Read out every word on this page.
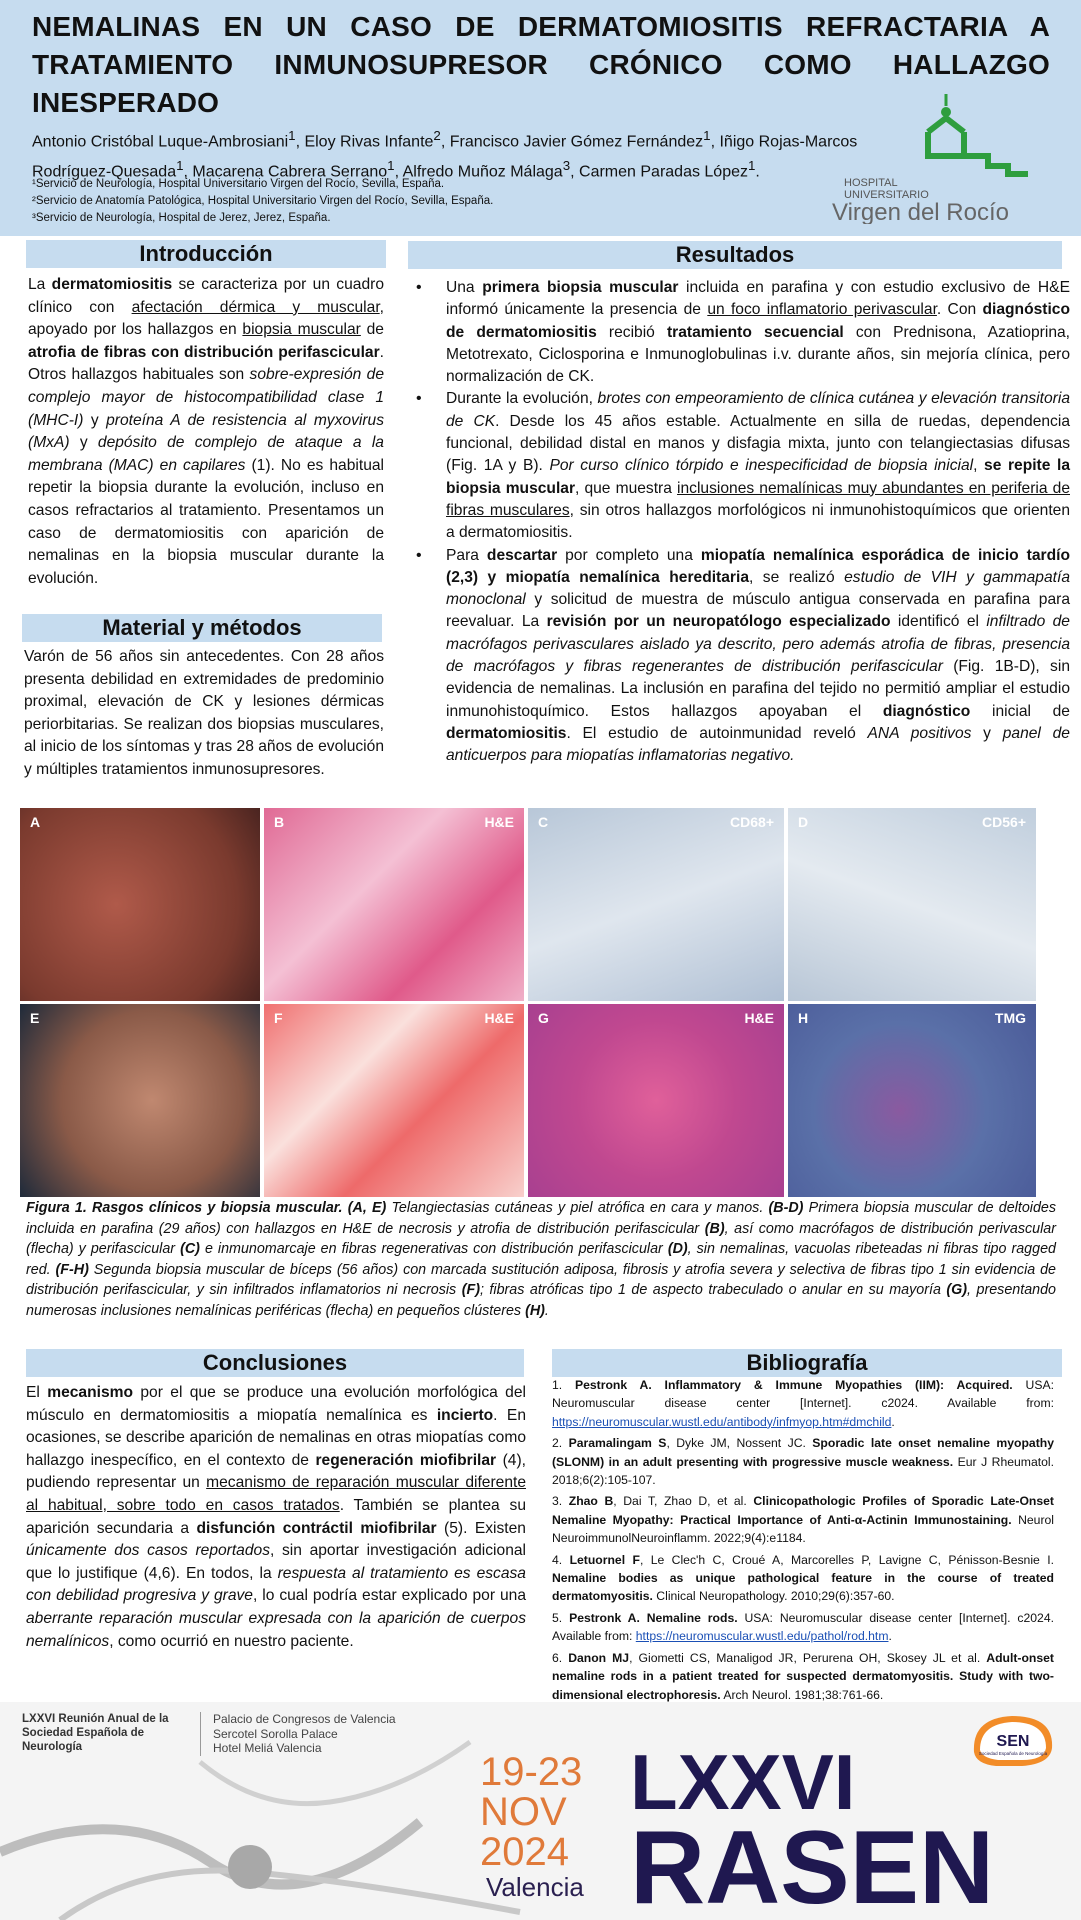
NEMALINAS EN UN CASO DE DERMATOMIOSITIS REFRACTARIA A TRATAMIENTO INMUNOSUPRESOR CRÓNICO COMO HALLAZGO INESPERADO
Antonio Cristóbal Luque-Ambrosiani$^1$, Eloy Rivas Infante$^2$, Francisco Javier Gómez Fernández$^1$, Iñigo Rojas-Marcos Rodríguez-Quesada$^1$, Macarena Cabrera Serrano$^1$, Alfredo Muñoz Málaga$^3$, Carmen Paradas López$^1$.
¹Servicio de Neurología, Hospital Universitario Virgen del Rocío, Sevilla, España.
²Servicio de Anatomía Patológica, Hospital Universitario Virgen del Rocío, Sevilla, España.
³Servicio de Neurología, Hospital de Jerez, Jerez, España.
HOSPITAL
UNIVERSITARIO
Virgen del Rocío
Introducción
La dermatomiositis se caracteriza por un cuadro clínico con afectación dérmica y muscular, apoyado por los hallazgos en biopsia muscular de atrofia de fibras con distribución perifascicular. Otros hallazgos habituales son sobre-expresión de complejo mayor de histocompatibilidad clase 1 (MHC-I) y proteína A de resistencia al myxovirus (MxA) y depósito de complejo de ataque a la membrana (MAC) en capilares (1). No es habitual repetir la biopsia durante la evolución, incluso en casos refractarios al tratamiento. Presentamos un caso de dermatomiositis con aparición de nemalinas en la biopsia muscular durante la evolución.
Material y métodos
Varón de 56 años sin antecedentes. Con 28 años presenta debilidad en extremidades de predominio proximal, elevación de CK y lesiones dérmicas periorbitarias. Se realizan dos biopsias musculares, al inicio de los síntomas y tras 28 años de evolución y múltiples tratamientos inmunosupresores.
Resultados
• Una primera biopsia muscular incluida en parafina y con estudio exclusivo de H&E informó únicamente la presencia de un foco inflamatorio perivascular. Con diagnóstico de dermatomiositis recibió tratamiento secuencial con Prednisona, Azatioprina, Metotrexato, Ciclosporina e Inmunoglobulinas i.v. durante años, sin mejoría clínica, pero normalización de CK.
• Durante la evolución, brotes con empeoramiento de clínica cutánea y elevación transitoria de CK. Desde los 45 años estable. Actualmente en silla de ruedas, dependencia funcional, debilidad distal en manos y disfagia mixta, junto con telangiectasias difusas (Fig. 1A y B). Por curso clínico tórpido e inespecificidad de biopsia inicial, se repite la biopsia muscular, que muestra inclusiones nemalínicas muy abundantes en periferia de fibras musculares, sin otros hallazgos morfológicos ni inmunohistoquímicos que orienten a dermatomiositis.
• Para descartar por completo una miopatía nemalínica esporádica de inicio tardío (2,3) y miopatía nemalínica hereditaria, se realizó estudio de VIH y gammapatía monoclonal y solicitud de muestra de músculo antigua conservada en parafina para reevaluar. La revisión por un neuropatólogo especializado identificó el infiltrado de macrófagos perivasculares aislado ya descrito, pero además atrofia de fibras, presencia de macrófagos y fibras regenerantes de distribución perifascicular (Fig. 1B-D), sin evidencia de nemalinas. La inclusión en parafina del tejido no permitió ampliar el estudio inmunohistoquímico. Estos hallazgos apoyaban el diagnóstico inicial de dermatomiositis. El estudio de autoinmunidad reveló ANA positivos y panel de anticuerpos para miopatías inflamatorias negativo.
A	B	H&E C	CD68+ D	CD56+
E	F	H&E G	H&E H	TMG
Figura 1. Rasgos clínicos y biopsia muscular. (A, E) Telangiectasias cutáneas y piel atrófica en cara y manos. (B-D) Primera biopsia muscular de deltoides incluida en parafina (29 años) con hallazgos en H&E de necrosis y atrofia de distribución perifascicular (B), así como macrófagos de distribución perivascular (flecha) y perifascicular (C) e inmunomarcaje en fibras regenerativas con distribución perifascicular (D), sin nemalinas, vacuolas ribeteadas ni fibras tipo ragged red. (F-H) Segunda biopsia muscular de bíceps (56 años) con marcada sustitución adiposa, fibrosis y atrofia severa y selectiva de fibras tipo 1 sin evidencia de distribución perifascicular, y sin infiltrados inflamatorios ni necrosis (F); fibras atróficas tipo 1 de aspecto trabeculado o anular en su mayoría (G), presentando numerosas inclusiones nemalínicas periféricas (flecha) en pequeños clústeres (H).
Conclusiones
El mecanismo por el que se produce una evolución morfológica del músculo en dermatomiositis a miopatía nemalínica es incierto. En ocasiones, se describe aparición de nemalinas en otras miopatías como hallazgo inespecífico, en el contexto de regeneración miofibrilar (4), pudiendo representar un mecanismo de reparación muscular diferente al habitual, sobre todo en casos tratados. También se plantea su aparición secundaria a disfunción contráctil miofibrilar (5). Existen únicamente dos casos reportados, sin aportar investigación adicional que lo justifique (4,6). En todos, la respuesta al tratamiento es escasa con debilidad progresiva y grave, lo cual podría estar explicado por una aberrante reparación muscular expresada con la aparición de cuerpos nemalínicos, como ocurrió en nuestro paciente.
Bibliografía

1. Pestronk A. Inflammatory & Immune Myopathies (IIM): Acquired. USA: Neuromuscular disease center [Internet]. c2024. Available from: https://neuromuscular.wustl.edu/antibody/infmyop.htm#dmchild.

2. Paramalingam S, Dyke JM, Nossent JC. Sporadic late onset nemaline myopathy (SLONM) in an adult presenting with progressive muscle weakness. Eur J Rheumatol. 2018;6(2):105-107.

3. Zhao B, Dai T, Zhao D, et al. Clinicopathologic Profiles of Sporadic Late-Onset Nemaline Myopathy: Practical Importance of Anti-α-Actinin Immunostaining. Neurol NeuroimmunolNeuroinflamm. 2022;9(4):e1184.

4. Letuornel F, Le Clec'h C, Croué A, Marcorelles P, Lavigne C, Pénisson-Besnie I. Nemaline bodies as unique pathological feature in the course of treated dermatomyositis. Clinical Neuropathology. 2010;29(6):357-60.

5. Pestronk A. Nemaline rods. USA: Neuromuscular disease center [Internet]. c2024. Available from: https://neuromuscular.wustl.edu/pathol/rod.htm.

6. Danon MJ, Giometti CS, Manaligod JR, Perurena OH, Skosey JL et al. Adult-onset nemaline rods in a patient treated for suspected dermatomyositis. Study with two-dimensional electrophoresis. Arch Neurol. 1981;38:761-66.

LXXVI Reunión Anual de la Sociedad Española de Neurología
Palacio de Congresos de Valencia
Sercotel Sorolla Palace
Hotel Meliá Valencia
19-23
NOV
2024
Valencia
LXXVI
RASEN
SEN
Sociedad Española de Neurología
